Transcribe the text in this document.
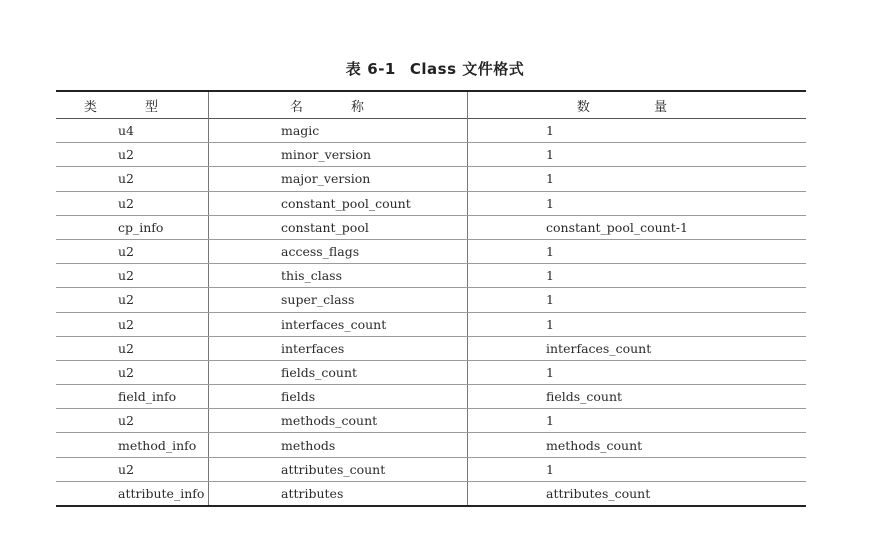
表 6-1 Class 文件格式
类 型	名 称	数 量
u4	magic	1
u2	minor_version	1
u2	major_version	1
u2	constant_pool_count	1
cp_info	constant_pool	constant_pool_count-1
u2	access_flags	1
u2	this_class	1
u2	super_class	1
u2	interfaces_count	1
u2	interfaces	interfaces_count
u2	fields_count	1
field_info	fields	fields_count
u2	methods_count	1
method_info	methods	methods_count
u2	attributes_count	1
attribute_info	attributes	attributes_count
